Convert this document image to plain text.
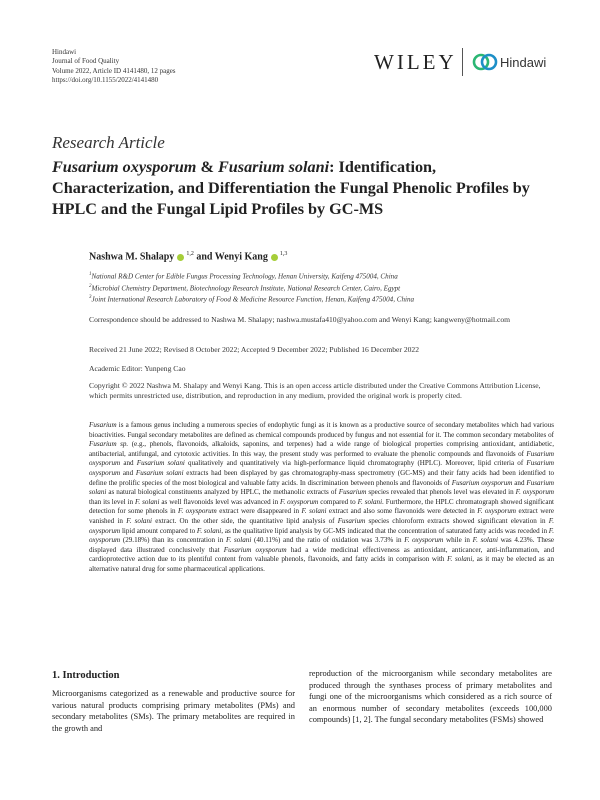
Hindawi
Journal of Food Quality
Volume 2022, Article ID 4141480, 12 pages
https://doi.org/10.1155/2022/4141480
WILEY	Hindawi
Research Article
Fusarium oxysporum & Fusarium solani: Identification, Characterization, and Differentiation the Fungal Phenolic Profiles by HPLC and the Fungal Lipid Profiles by GC-MS
Nashwa M. Shalapy $^{1,2}$ and Wenyi Kang $^{1,3}$
$^1$National R&D Center for Edible Fungus Processing Technology, Henan University, Kaifeng 475004, China
$^2$Microbial Chemistry Department, Biotechnology Research Institute, National Research Center, Cairo, Egypt
$^3$Joint International Research Laboratory of Food & Medicine Resource Function, Henan, Kaifeng 475004, China
Correspondence should be addressed to Nashwa M. Shalapy; nashwa.mustafa410@yahoo.com and Wenyi Kang; kangweny@hotmail.com
Received 21 June 2022; Revised 8 October 2022; Accepted 9 December 2022; Published 16 December 2022
Academic Editor: Yunpeng Cao
Copyright © 2022 Nashwa M. Shalapy and Wenyi Kang. This is an open access article distributed under the Creative Commons Attribution License, which permits unrestricted use, distribution, and reproduction in any medium, provided the original work is properly cited.
Fusarium is a famous genus including a numerous species of endophytic fungi as it is known as a productive source of secondary metabolites which had various bioactivities. Fungal secondary metabolites are defined as chemical compounds produced by fungus and not essential for it. The common secondary metabolites of Fusarium sp. (e.g., phenols, flavonoids, alkaloids, saponins, and terpenes) had a wide range of biological properties comprising antioxidant, antidiabetic, antibacterial, antifungal, and cytotoxic activities. In this way, the present study was performed to evaluate the phenolic compounds and flavonoids of Fusarium oxysporum and Fusarium solani qualitatively and quantitatively via high-performance liquid chromatography (HPLC). Moreover, lipid criteria of Fusarium oxysporum and Fusarium solani extracts had been displayed by gas chromatography-mass spectrometry (GC-MS) and their fatty acids had been identified to define the prolific species of the most biological and valuable fatty acids. In discrimination between phenols and flavonoids of Fusarium oxysporum and Fusarium solani as natural biological constituents analyzed by HPLC, the methanolic extracts of Fusarium species revealed that phenols level was elevated in F. oxysporum than its level in F. solani as well flavonoids level was advanced in F. oxysporum compared to F. solani. Furthermore, the HPLC chromatograph showed significant detection for some phenols in F. oxysporum extract were disappeared in F. solani extract and also some flavonoids were detected in F. oxysporum extract were vanished in F. solani extract. On the other side, the quantitative lipid analysis of Fusarium species chloroform extracts showed significant elevation in F. oxysporum lipid amount compared to F. solani, as the qualitative lipid analysis by GC-MS indicated that the concentration of saturated fatty acids was receded in F. oxysporum (29.18%) than its concentration in F. solani (40.11%) and the ratio of oxidation was 3.73% in F. oxysporum while in F. solani was 4.23%. These displayed data illustrated conclusively that Fusarium oxysporum had a wide medicinal effectiveness as antioxidant, anticancer, anti-inflammation, and cardioprotective action due to its plentiful content from valuable phenols, flavonoids, and fatty acids in comparison with F. solani, as it may be elected as an alternative natural drug for some pharmaceutical applications.
1. Introduction
Microorganisms categorized as a renewable and productive source for various natural products comprising primary metabolites (PMs) and secondary metabolites (SMs). The primary metabolites are required in the growth and
reproduction of the microorganism while secondary metabolites are produced through the synthases process of primary metabolites and fungi one of the microorganisms which considered as a rich source of an enormous number of secondary metabolites (exceeds 100,000 compounds) [1, 2]. The fungal secondary metabolites (FSMs) showed
